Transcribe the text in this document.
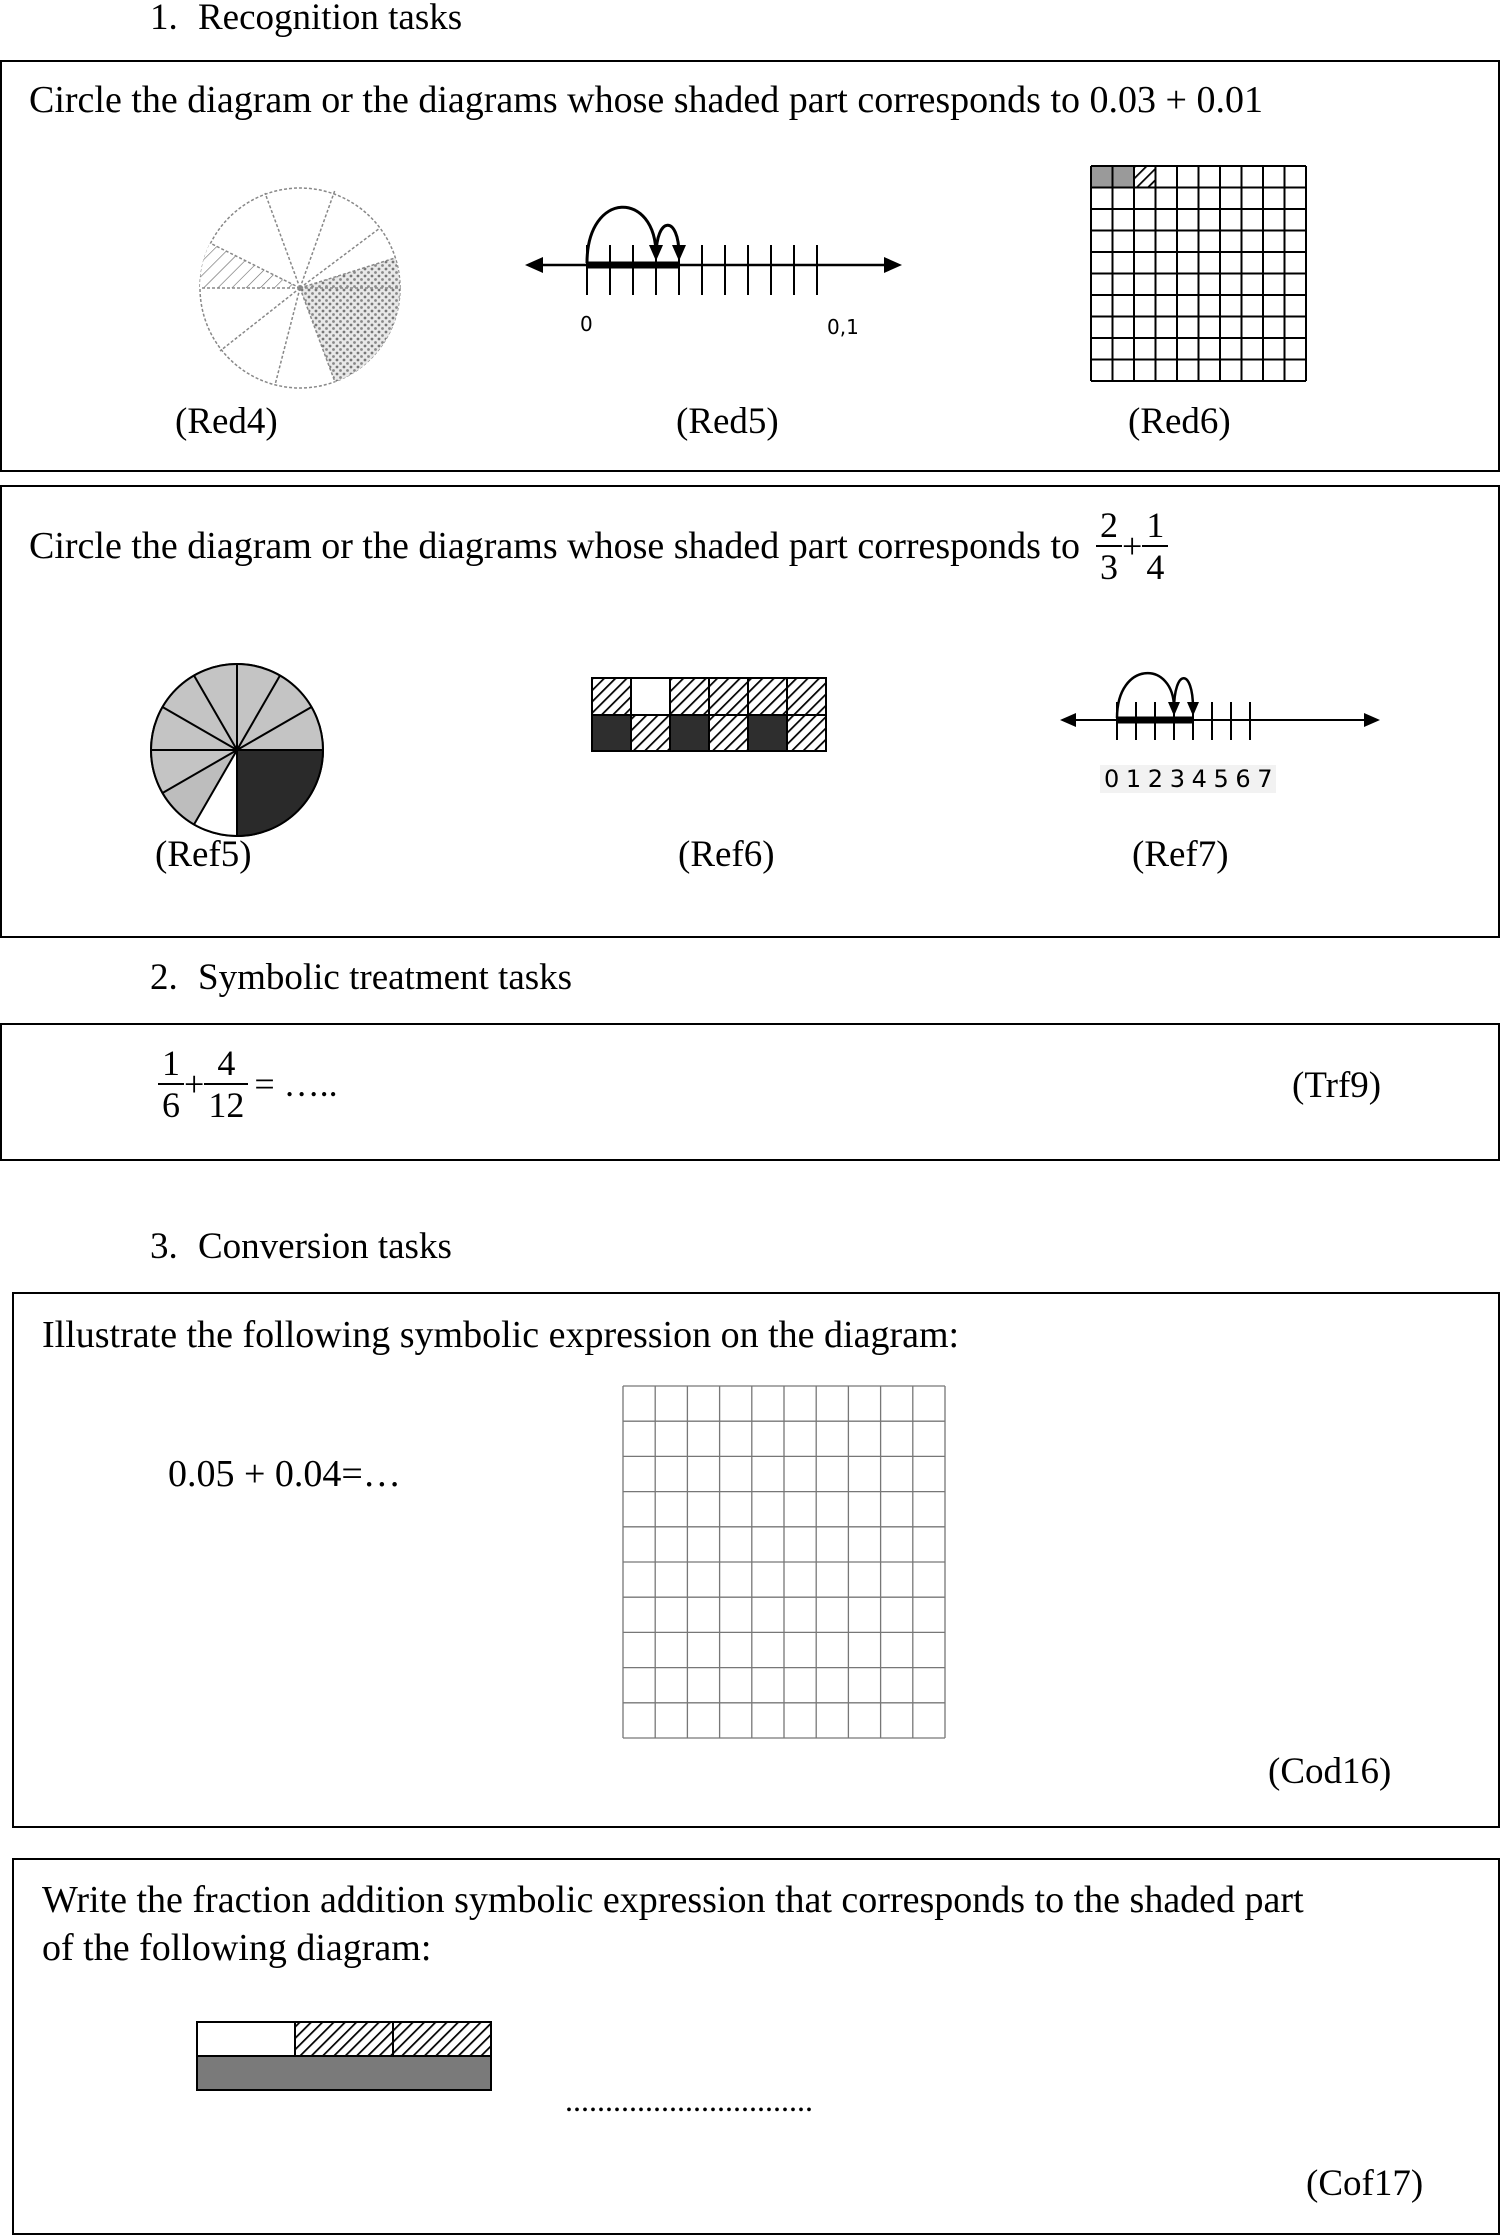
1. Recognition tasks
Circle the diagram or the diagrams whose shaded part corresponds to 0.03 + 0.01
0	0,1
(Red4)	(Red5)	(Red6)
Circle the diagram or the diagrams whose shaded part corresponds to $\frac{2}{3} + \frac{1}{4}$
0 1 2 3 4 5 6 7
(Ref5)	(Ref6)	(Ref7)
2. Symbolic treatment tasks
$\frac{1}{6} + \frac{4}{12}$ = …..	(Trf9)
3. Conversion tasks
Illustrate the following symbolic expression on the diagram:
0.05 + 0.04=…
(Cod16)
Write the fraction addition symbolic expression that corresponds to the shaded part
of the following diagram:
...............................
(Cof17)
